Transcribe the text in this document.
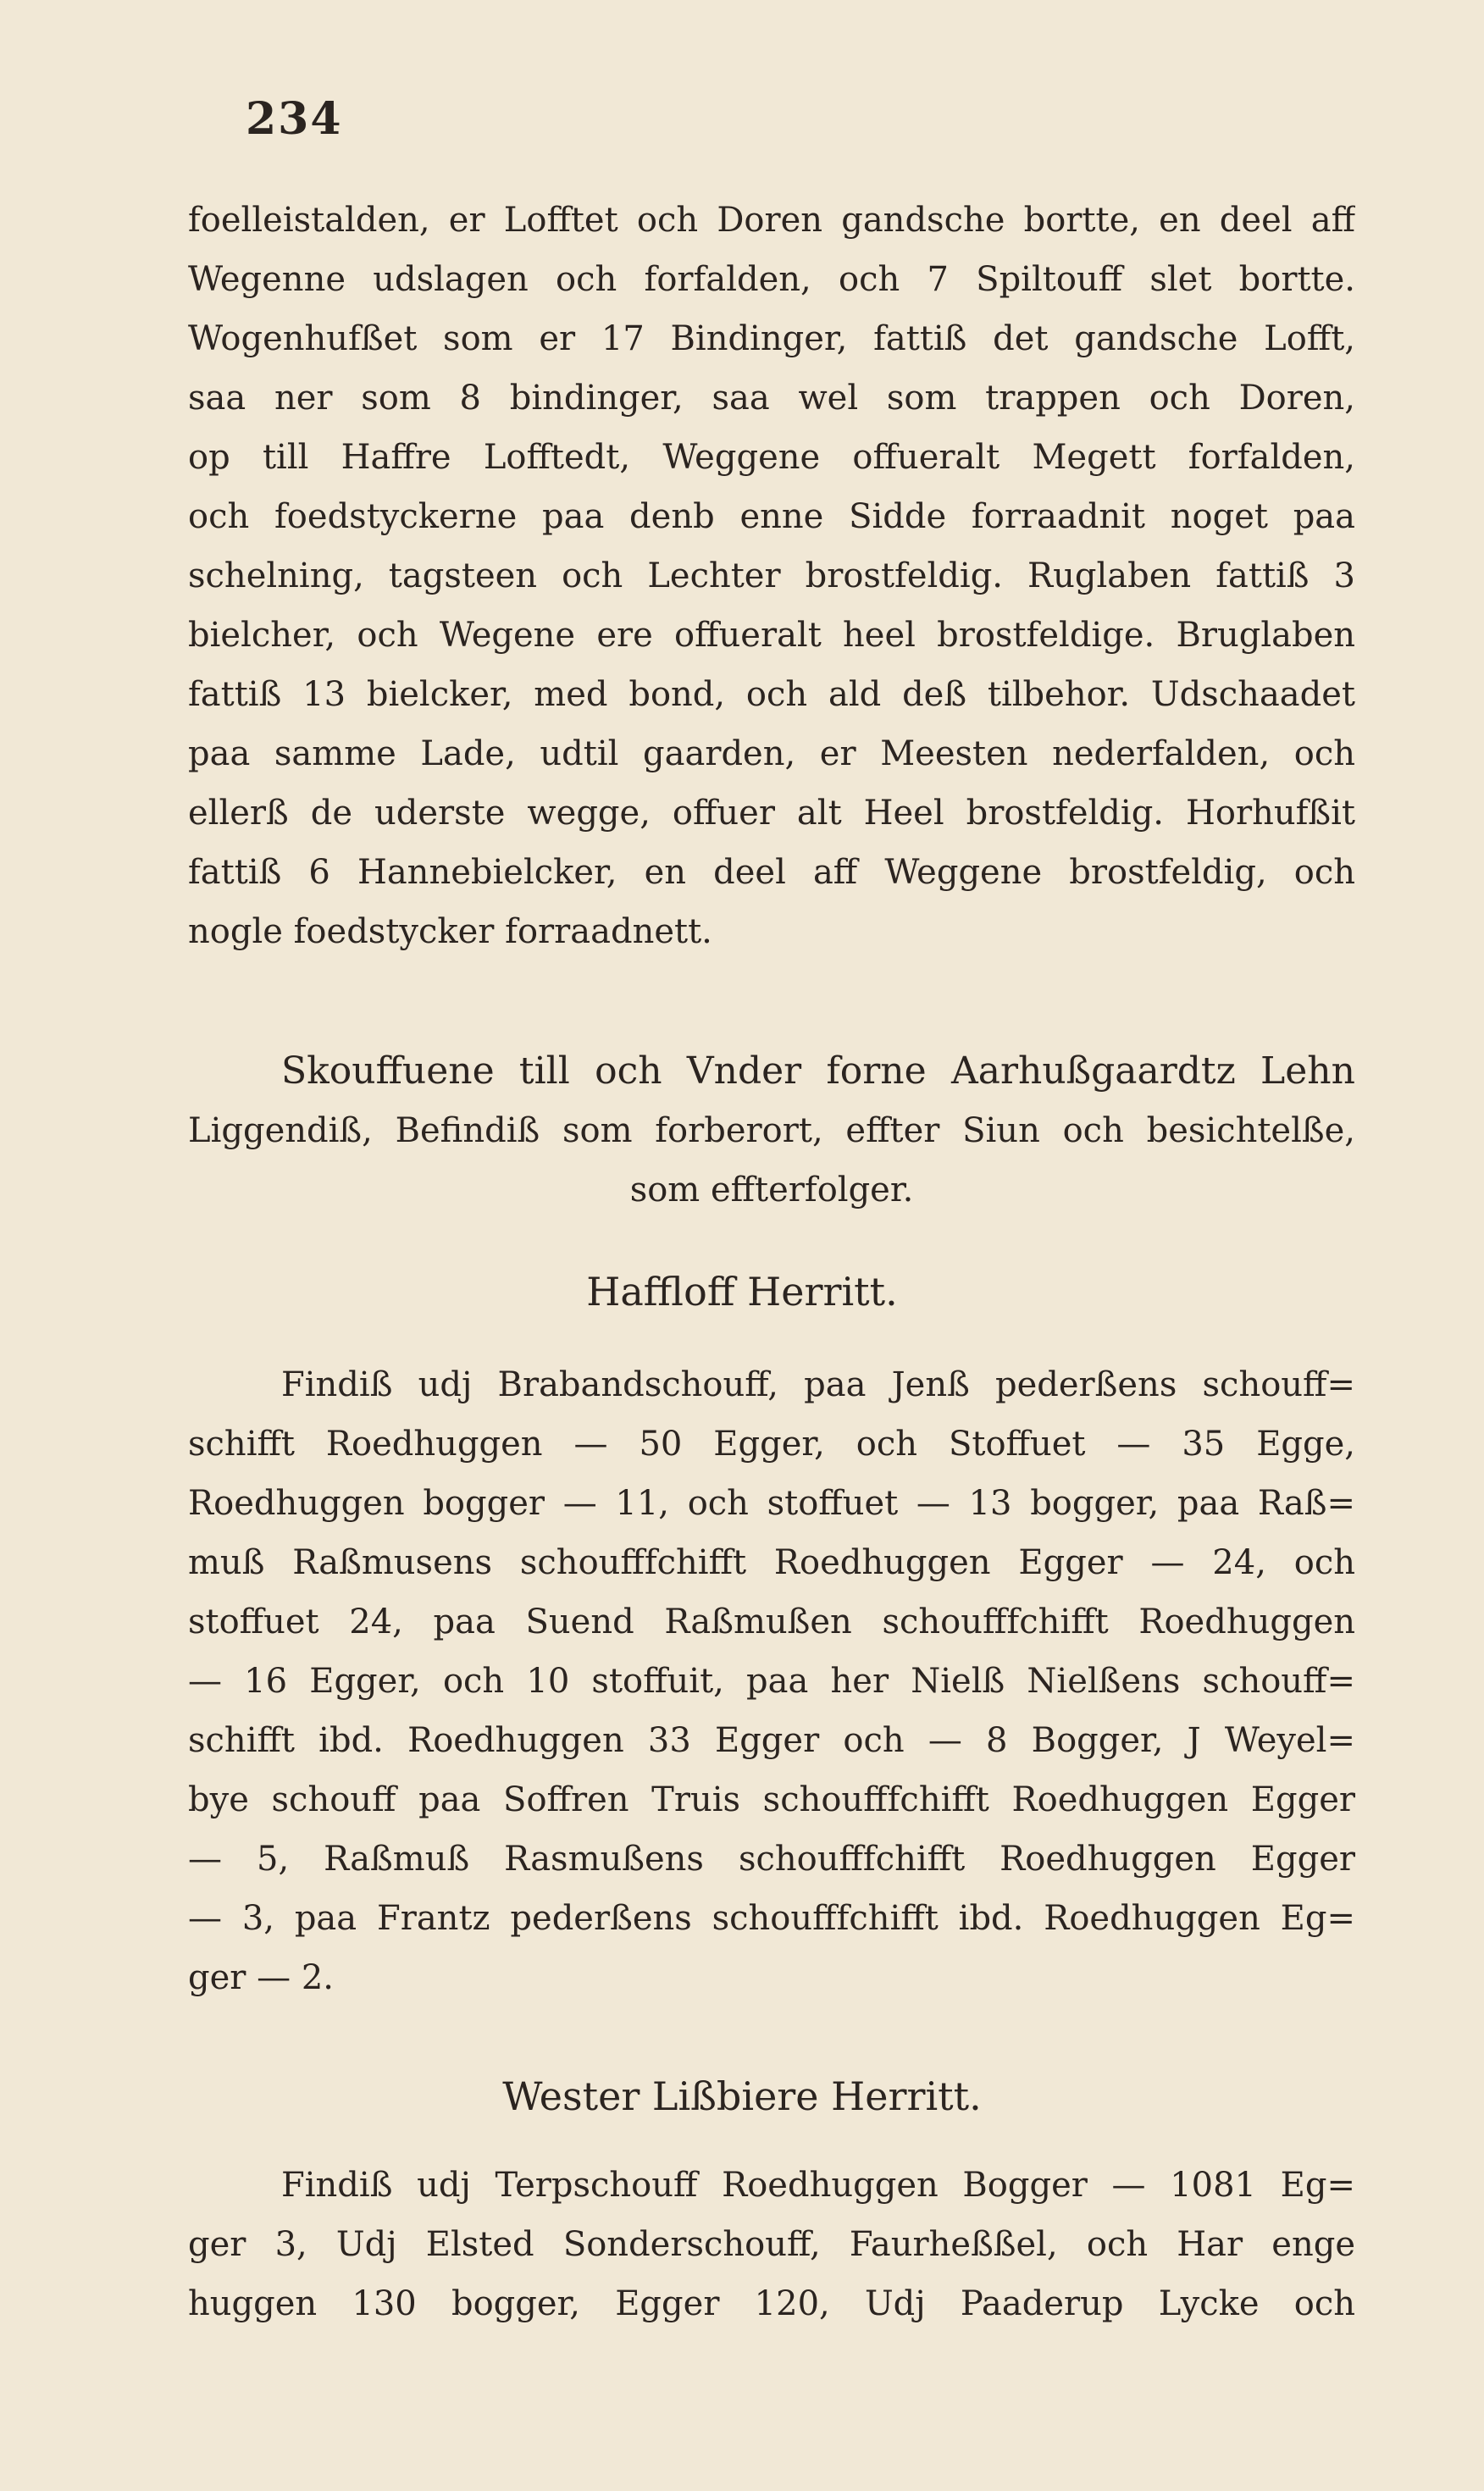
234
foelleistalden, er Lofftet och Doren gandsche bortte, en deel aff
Wegenne udslagen och forfalden, och 7 Spiltouff slet bortte.
Wogenhufßet som er 17 Bindinger, fattiß det gandsche Lofft,
saa ner som 8 bindinger, saa wel som trappen och Doren,
op till Haffre Lofftedt, Weggene offueralt Megett forfalden,
och foedstyckerne paa denb enne Sidde forraadnit noget paa
schelning, tagsteen och Lechter brostfeldig. Ruglaben fattiß 3
bielcher, och Wegene ere offueralt heel brostfeldige. Bruglaben
fattiß 13 bielcker, med bond, och ald deß tilbehor. Udschaadet
paa samme Lade, udtil gaarden, er Meesten nederfalden, och
ellerß de uderste wegge, offuer alt Heel brostfeldig. Horhufßit
fattiß 6 Hannebielcker, en deel aff Weggene brostfeldig, och
nogle foedstycker forraadnett.
Skouffuene till och Vnder forne Aarhußgaardtz Lehn
Liggendiß, Befindiß som forberort, effter Siun och besichtelße,
som effterfolger.
Haffloff Herritt.
Findiß udj Brabandschouff, paa Jenß pederßens schouff=
schifft Roedhuggen — 50 Egger, och Stoffuet — 35 Egge,
Roedhuggen bogger — 11, och stoffuet — 13 bogger, paa Raß=
muß Raßmusens schoufffchifft Roedhuggen Egger — 24, och
stoffuet 24, paa Suend Raßmußen schoufffchifft Roedhuggen
— 16 Egger, och 10 stoffuit, paa her Nielß Nielßens schouff=
schifft ibd. Roedhuggen 33 Egger och — 8 Bogger, J Weyel=
bye schouff paa Soffren Truis schoufffchifft Roedhuggen Egger
— 5, Raßmuß Rasmußens schoufffchifft Roedhuggen Egger
— 3, paa Frantz pederßens schoufffchifft ibd. Roedhuggen Eg=
ger — 2.
Wester Lißbiere Herritt.
Findiß udj Terpschouff Roedhuggen Bogger — 1081 Eg=
ger 3, Udj Elsted Sonderschouff, Faurheßßel, och Har enge
huggen 130 bogger, Egger 120, Udj Paaderup Lycke och
